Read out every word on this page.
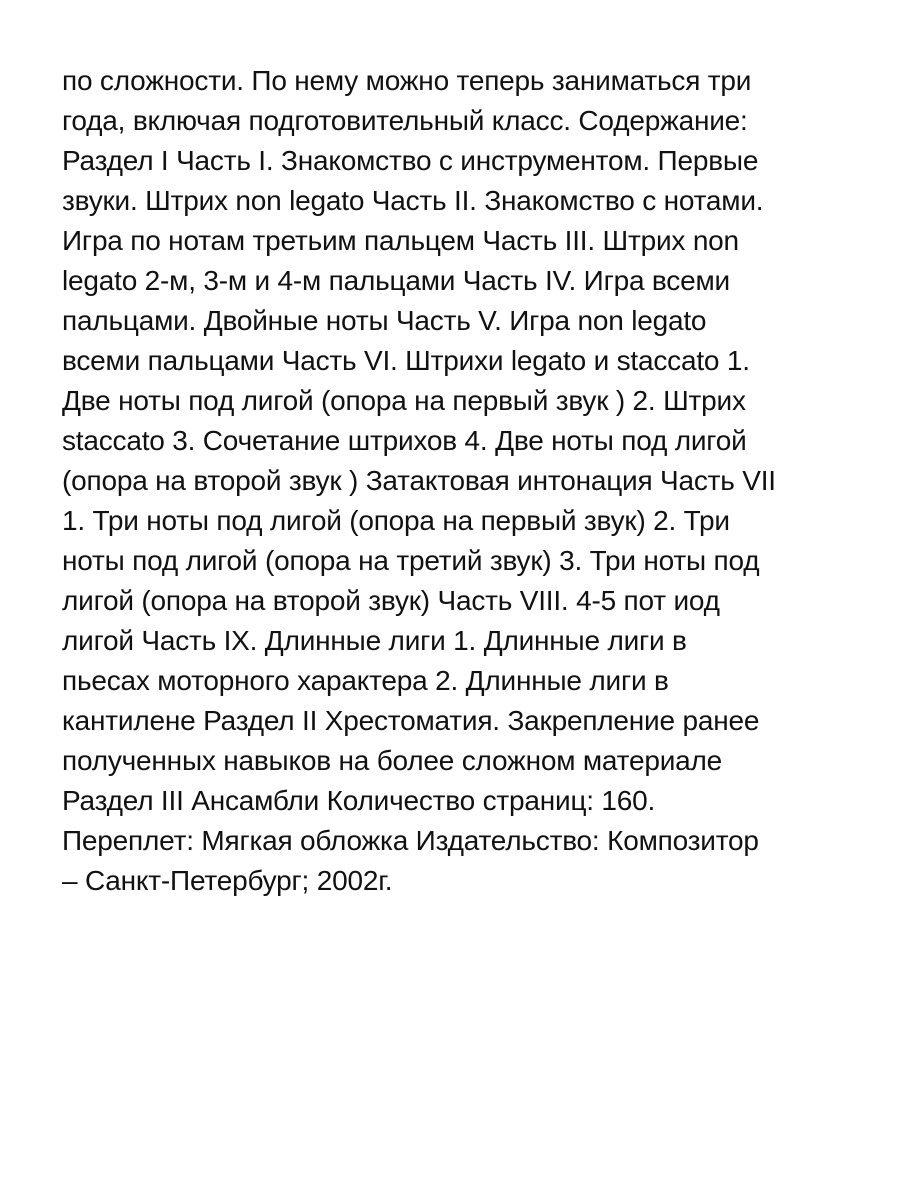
по сложности. По нему можно теперь заниматься три
года, включая подготовительный класс. Содержание:
Раздел I Часть I. Знакомство с инструментом. Первые
звуки. Штрих non legato Часть II. Знакомство с нотами.
Игра по нотам третьим пальцем Часть III. Штрих non
legato 2-м, 3-м и 4-м пальцами Часть IV. Игра всеми
пальцами. Двойные ноты Часть V. Игра non legato
всеми пальцами Часть VI. Штрихи legato и staccato 1.
Две ноты под лигой (опора на первый звук ) 2. Штрих
staccato 3. Сочетание штрихов 4. Две ноты под лигой
(опора на второй звук ) Затактовая интонация Часть VII
1. Три ноты под лигой (опора на первый звук) 2. Три
ноты под лигой (опора на третий звук) 3. Три ноты под
лигой (опора на второй звук) Часть VIII. 4-5 пот иод
лигой Часть IX. Длинные лиги 1. Длинные лиги в
пьесах моторного характера 2. Длинные лиги в
кантилене Раздел II Хрестоматия. Закрепление ранее
полученных навыков на более сложном материале
Раздел III Ансамбли Количество страниц: 160.
Переплет: Мягкая обложка Издательство: Композитор
– Санкт-Петербург; 2002г.
